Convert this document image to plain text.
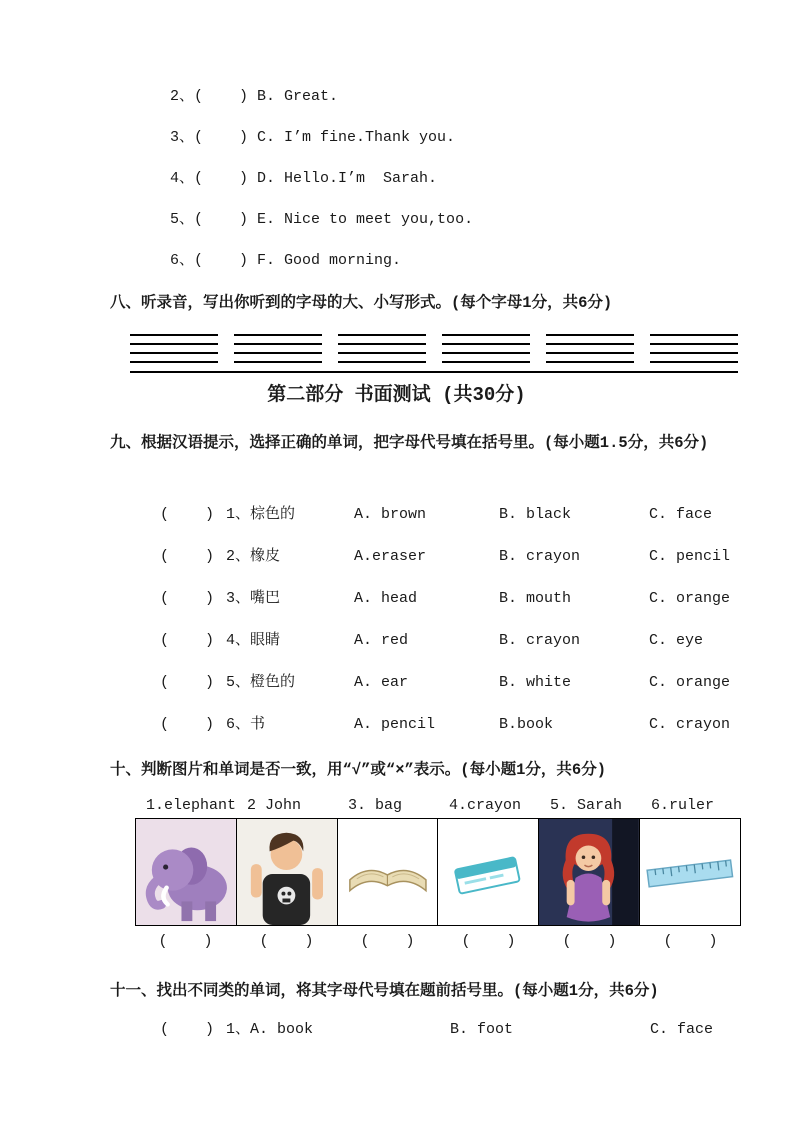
2、(    ) B. Great.
3、(    ) C. I’m fine.Thank you.
4、(    ) D. Hello.I’m  Sarah.
5、(    ) E. Nice to meet you,too.
6、(    ) F. Good morning.
八、听录音，写出你听到的字母的大、小写形式。(每个字母1分，共6分)
第二部分 书面测试 (共30分)
九、根据汉语提示，选择正确的单词，把字母代号填在括号里。(每小题1.5分，共6分)
(    ) 1、棕色的	A. brown	B. black	C. face
(    ) 2、橡皮	A.eraser	B. crayon	C. pencil
(    ) 3、嘴巴	A. head	B. mouth	C. orange
(    ) 4、眼睛	A. red	B. crayon	C. eye
(    ) 5、橙色的	A. ear	B. white	C. orange
(    ) 6、书	A. pencil	B.book	C. crayon
十、判断图片和单词是否一致，用“√”或“×”表示。(每小题1分，共6分)
1.elephant 2 John	3. bag	4.crayon	5. Sarah	6.ruler
(    )	(    )	(    )	(    )	(    )	(    )
十一、找出不同类的单词，将其字母代号填在题前括号里。(每小题1分，共6分)
(    ) 1、A. book	B. foot	C. face
